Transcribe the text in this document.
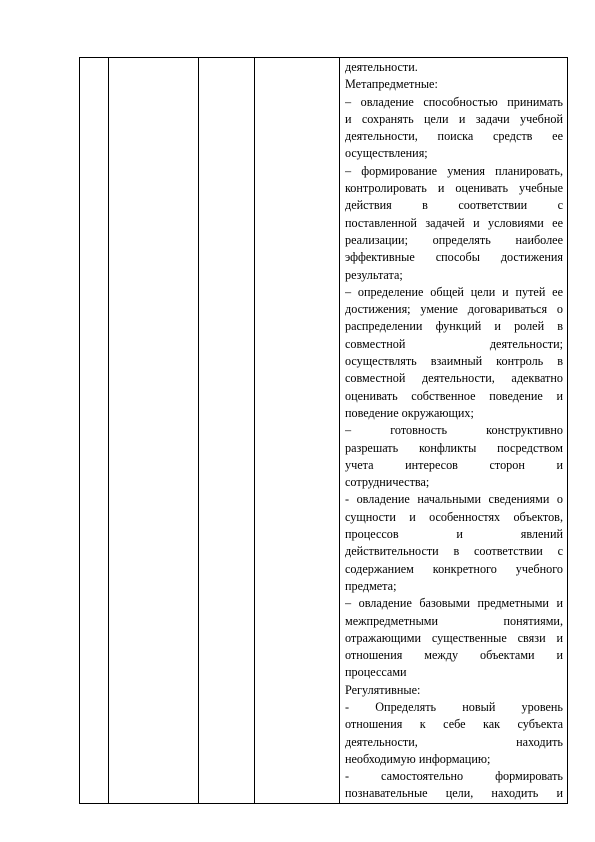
деятельности.
Метапредметные:
– овладение способностью принимать
и сохранять цели и задачи учебной
деятельности, поиска средств ее
осуществления;
– формирование умения планировать,
контролировать и оценивать учебные
действия в соответствии с
поставленной задачей и условиями ее
реализации; определять наиболее
эффективные способы достижения
результата;
– определение общей цели и путей ее
достижения; умение договариваться о
распределении функций и ролей в
совместной деятельности;
осуществлять взаимный контроль в
совместной деятельности, адекватно
оценивать собственное поведение и
поведение окружающих;
– готовность конструктивно
разрешать конфликты посредством
учета интересов сторон и
сотрудничества;
- овладение начальными сведениями о
сущности и особенностях объектов,
процессов и явлений
действительности в соответствии с
содержанием конкретного учебного
предмета;
– овладение базовыми предметными и
межпредметными понятиями,
отражающими существенные связи и
отношения между объектами и
процессами
Регулятивные:
- Определять новый уровень
отношения к себе как субъекта
деятельности, находить
необходимую информацию;
- самостоятельно формировать
познавательные цели, находить и
